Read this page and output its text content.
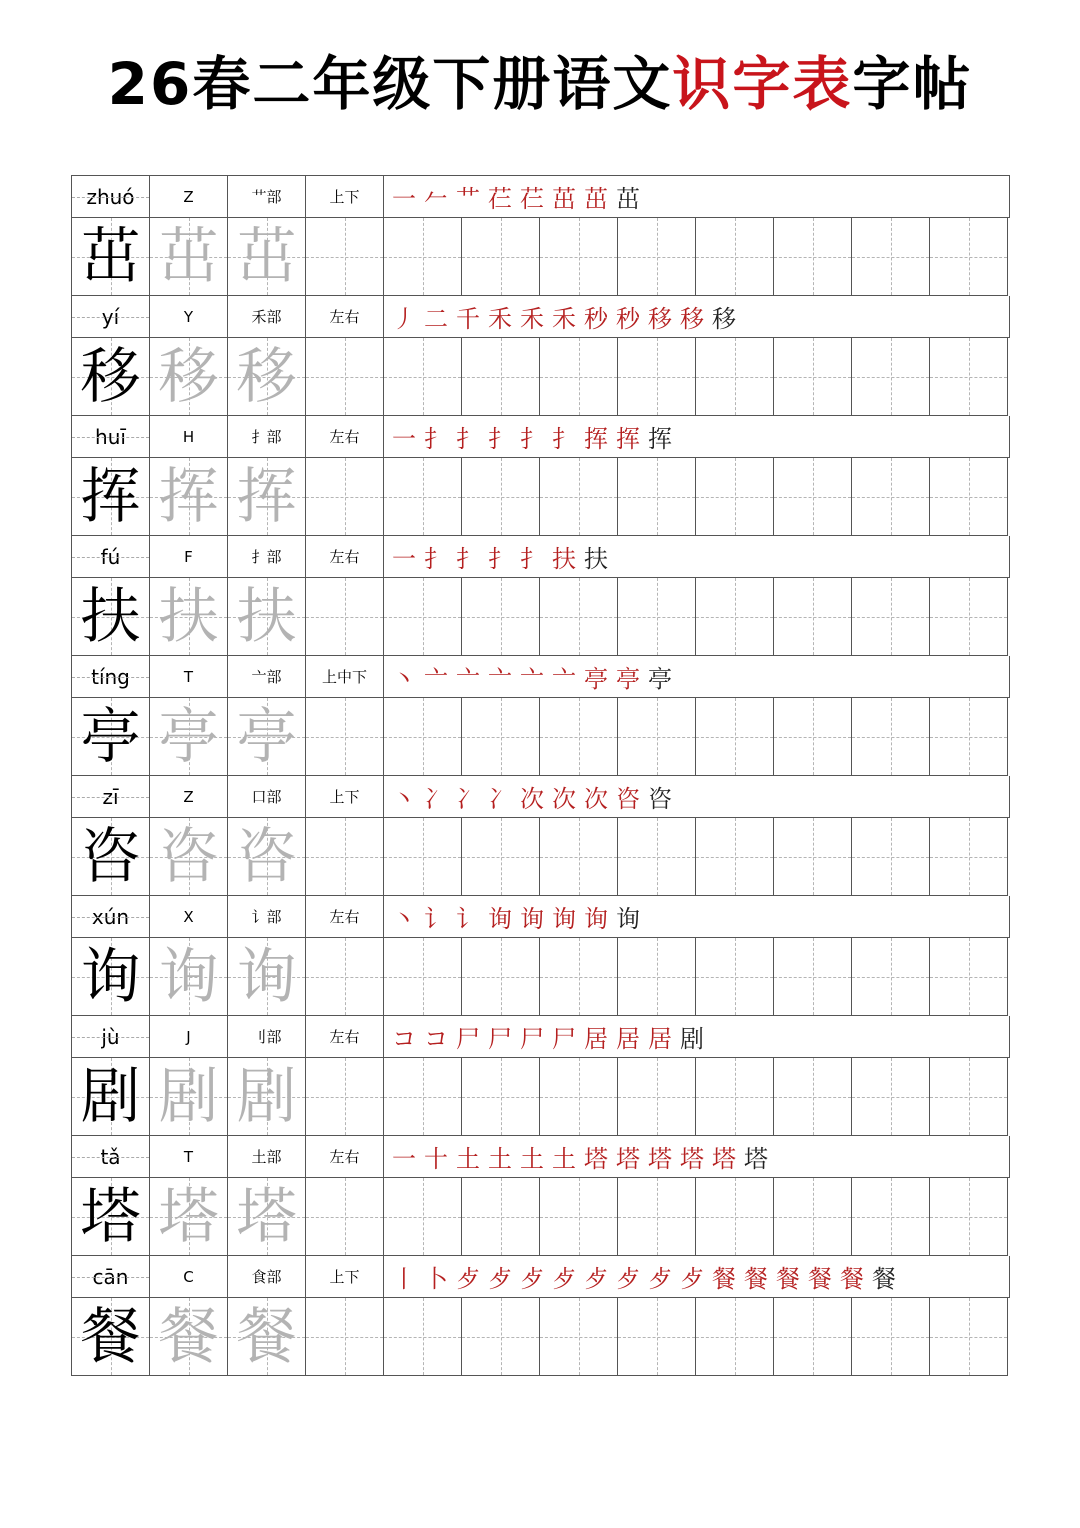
26春二年级下册语文识字表字帖
zhuó	Z	艹部	上下	一 𠂉 艹 芢 芢 茁 茁 茁
茁 茁 茁
yí	Y	禾部	左右	丿 二 千 禾 禾 禾 秒 秒 移 移 移
移 移 移
huī	H	扌部	左右	一 扌 扌 扌 扌 扌 挥 挥 挥
挥 挥 挥
fú	F	扌部	左右	一 扌 扌 扌 扌 扶 扶
扶 扶 扶
tíng	T	亠部	上中下	丶 亠 亠 亠 亠 亠 亭 亭 亭
亭 亭 亭
zī	Z	口部	上下	丶 冫 冫 冫 次 次 次 咨 咨
咨 咨 咨
xún	X	讠部	左右	丶 讠 讠 询 询 询 询 询
询 询 询
jù	J	刂部	左右	コ コ 尸 尸 尸 尸 居 居 居 剧
剧 剧 剧
tǎ	T	土部	左右	一 十 土 土 土 土 塔 塔 塔 塔 塔 塔
塔 塔 塔
cān	C	食部	上下	丨 卜 歺 歺 歺 歺 歺 歺 歺 歺 餐 餐 餐 餐 餐 餐
餐 餐 餐
